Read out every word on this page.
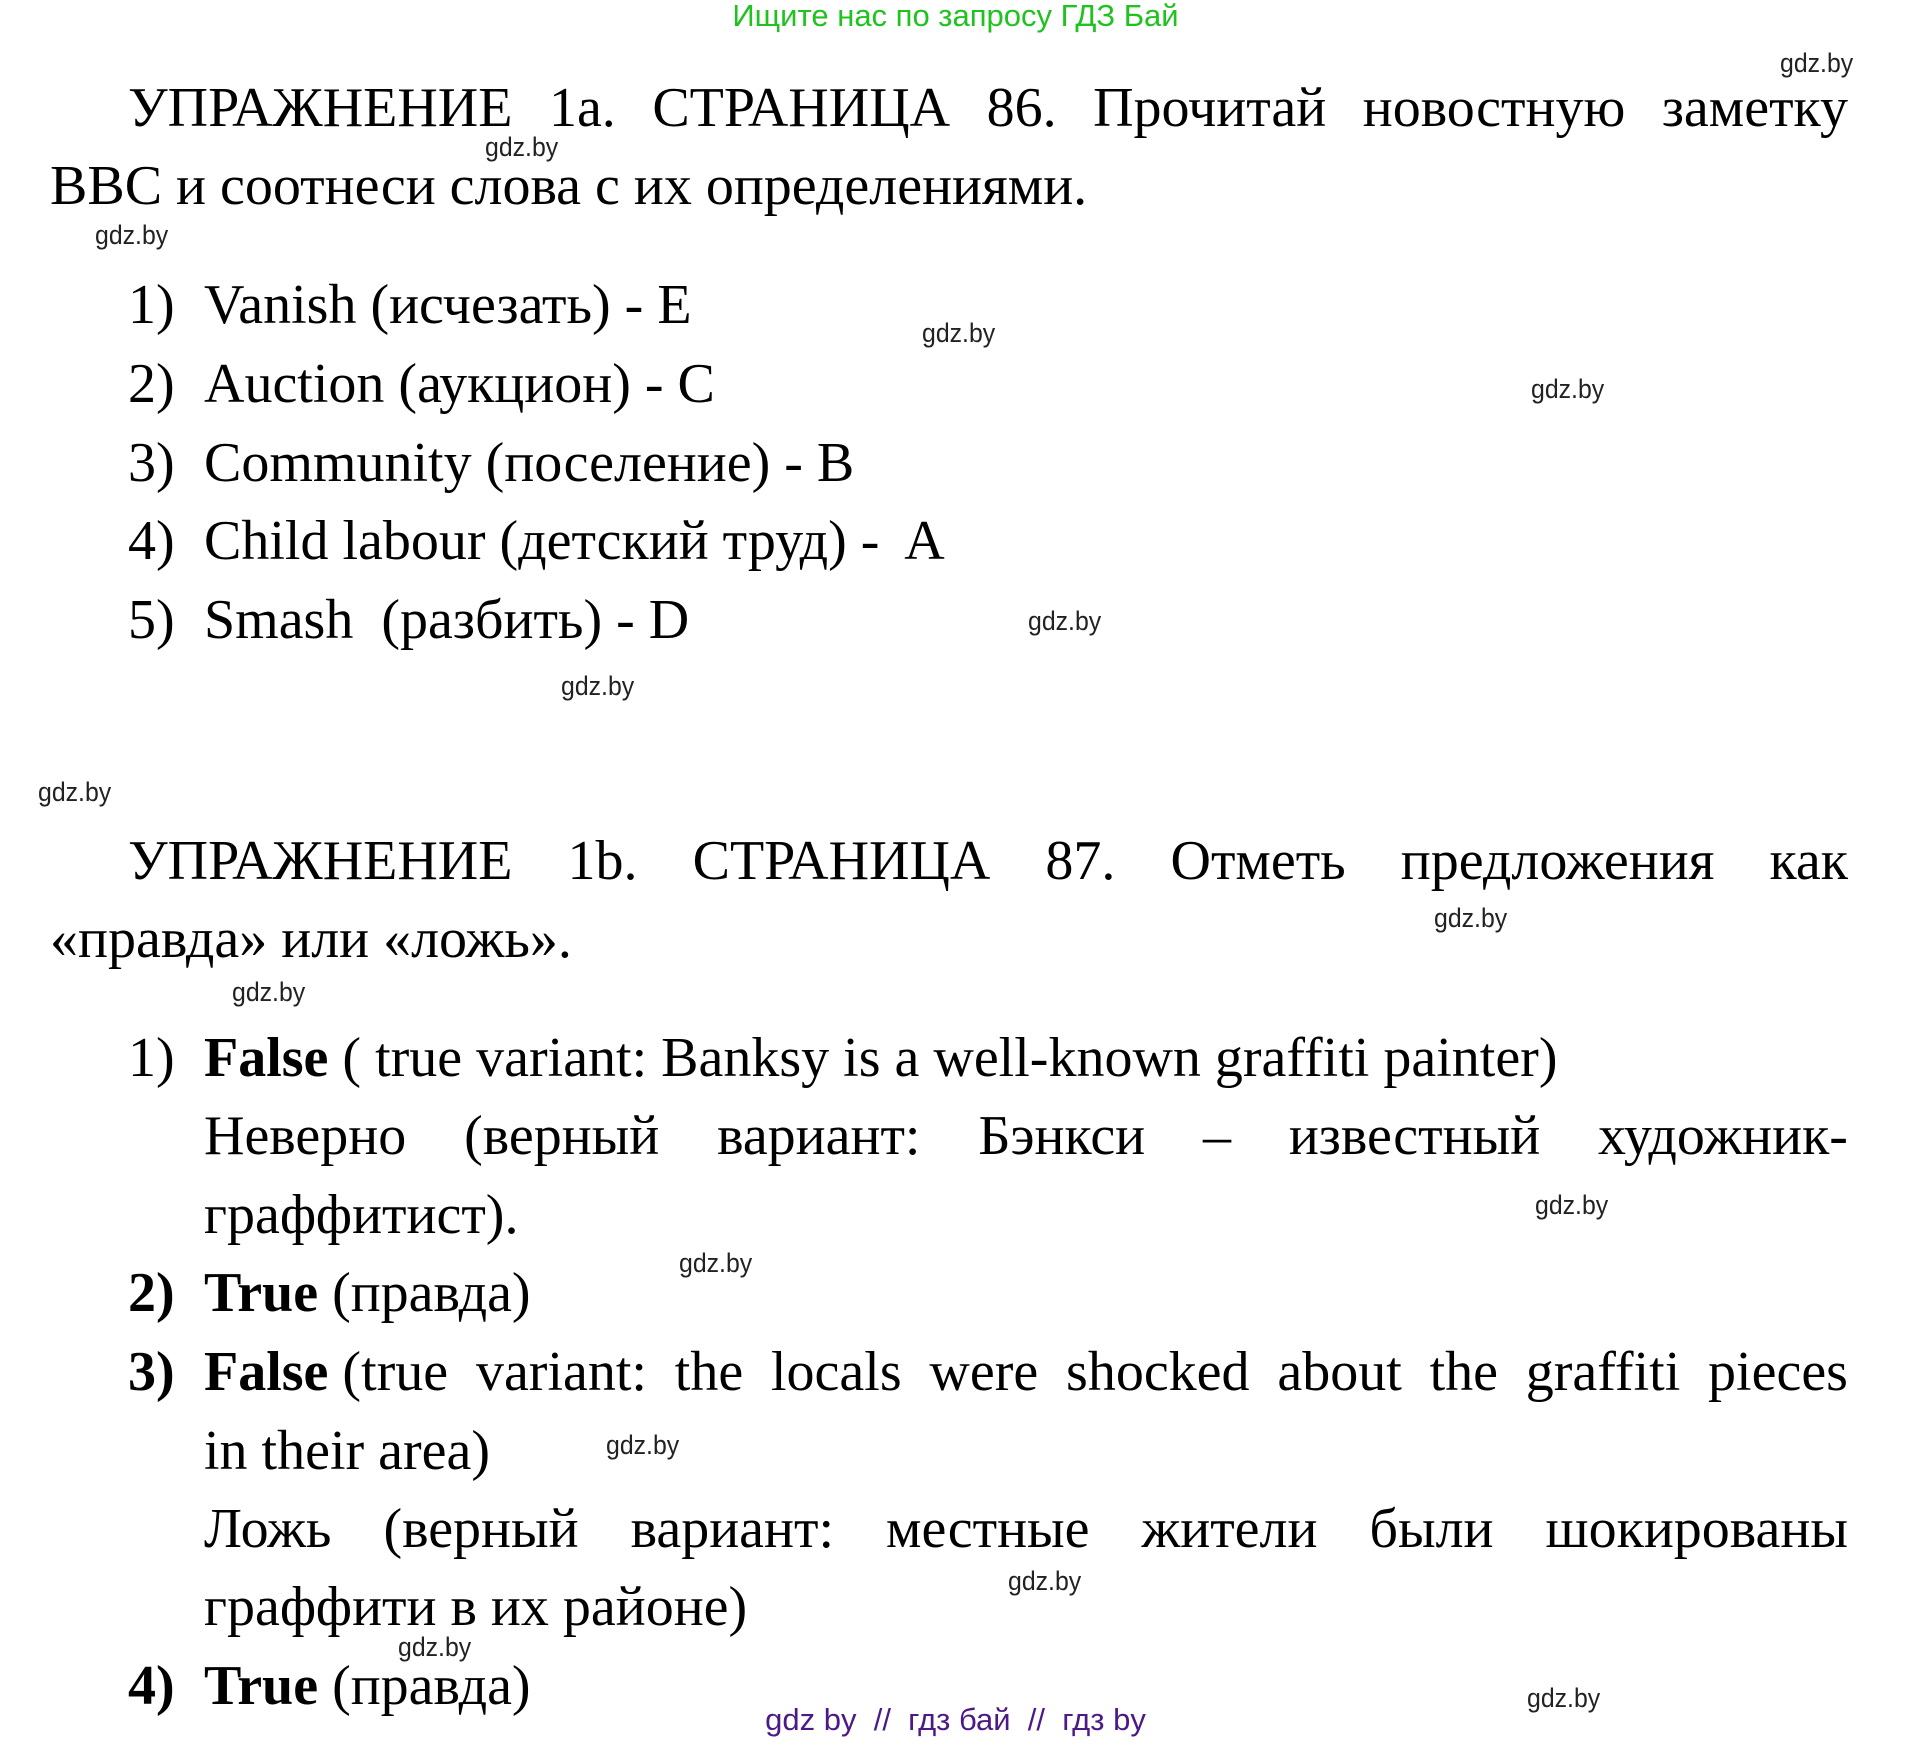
Ищите нас по запросу ГДЗ Бай
gdz.by
gdz.by
gdz.by
gdz.by
gdz.by
gdz.by
gdz.by
gdz.by
gdz.by
gdz.by
gdz.by
gdz.by
gdz.by
gdz.by
gdz.by
gdz.by
УПРАЖНЕНИЕ 1a. СТРАНИЦА 86. Прочитай новостную заметку
ВВС и соотнеси слова с их определениями.
1) Vanish (исчезать) - E
2) Auction (аукцион) - C
3) Community (поселение) - B
4) Child labour (детский труд) -  A
5) Smash  (разбить) - D
УПРАЖНЕНИЕ 1b. СТРАНИЦА 87. Отметь предложения как
«правда» или «ложь».
1) False ( true variant: Banksy is a well-known graffiti painter)
Неверно (верный вариант: Бэнкси – известный художник-
граффитист).
2) True (правда)
3) False (true variant: the locals were shocked about the graffiti pieces
in their area)
Ложь (верный вариант: местные жители были шокированы
граффити в их районе)
4) True (правда)
gdz by  //  гдз бай  //  гдз by
